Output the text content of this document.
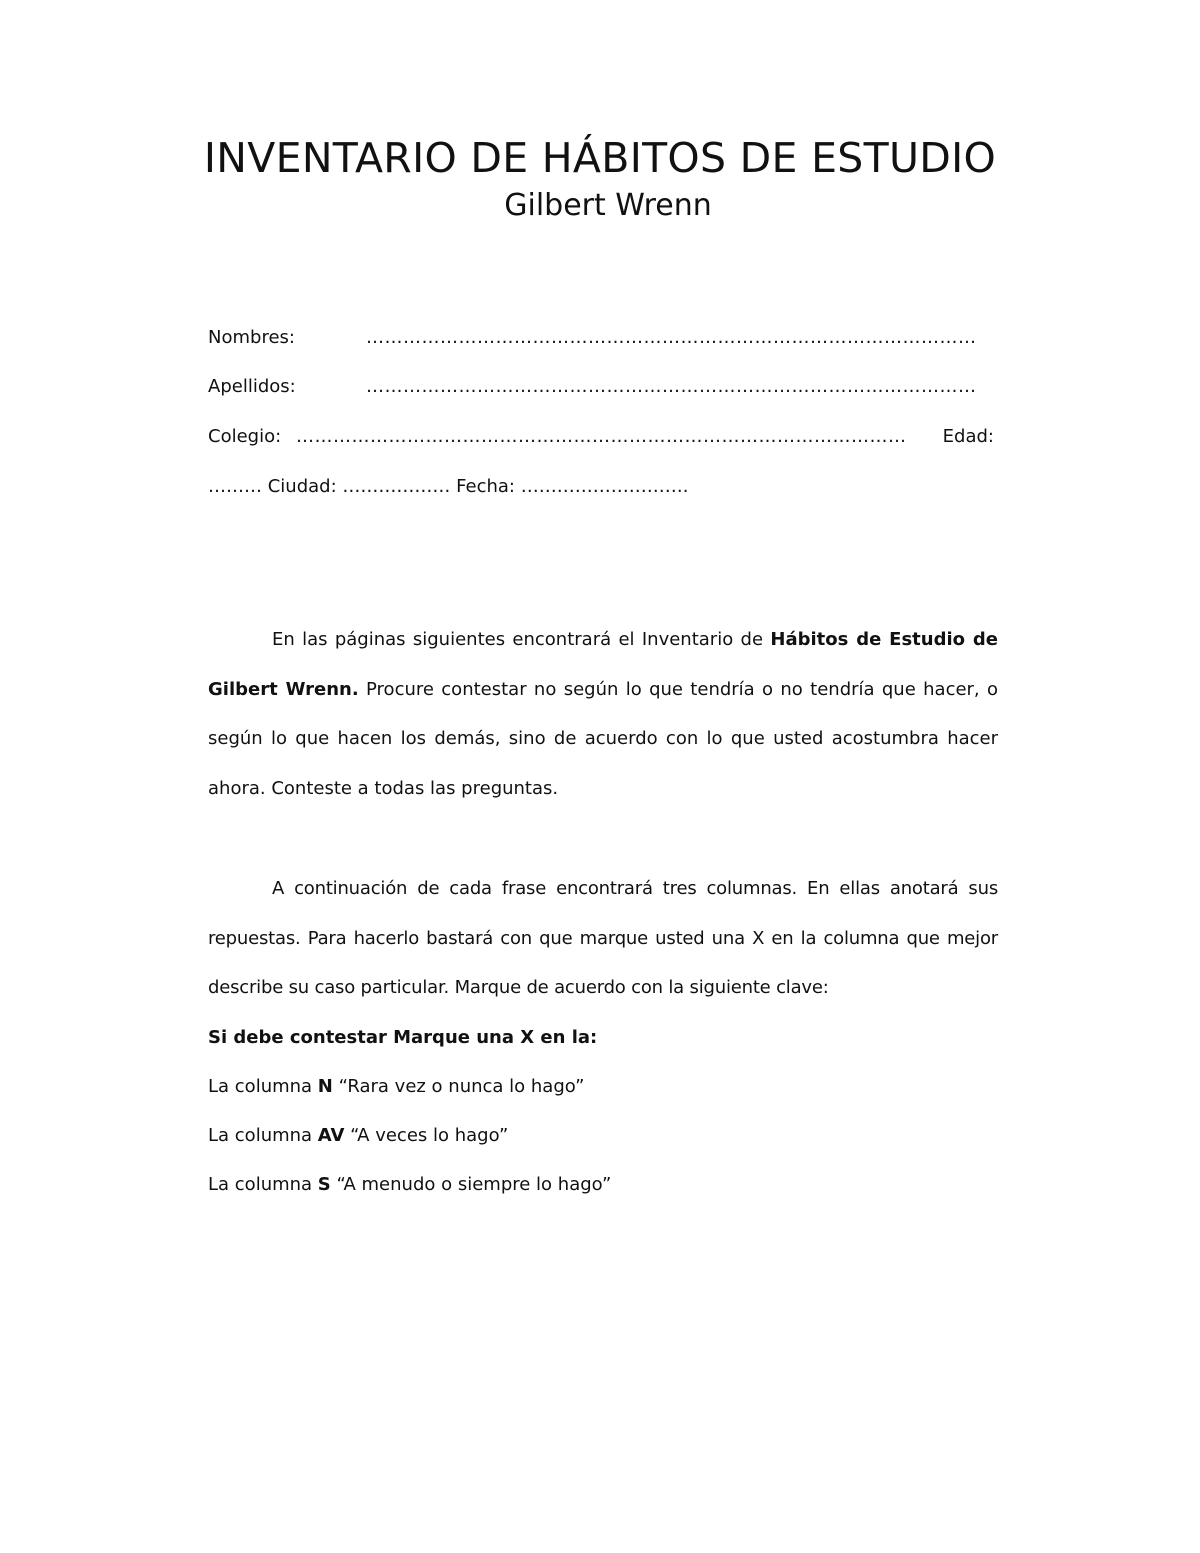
INVENTARIO DE HÁBITOS DE ESTUDIO
Gilbert Wrenn
Nombres:	………………………………………………………………………………………
Apellidos:	………………………………………………………………………………………
Colegio: ………………………………………………………………………………………	Edad:
……… Ciudad: ……………… Fecha: ……………………….

En las páginas siguientes encontrará el Inventario de Hábitos de Estudio de Gilbert Wrenn. Procure contestar no según lo que tendría o no tendría que hacer, o según lo que hacen los demás, sino de acuerdo con lo que usted acostumbra hacer ahora. Conteste a todas las preguntas.

A continuación de cada frase encontrará tres columnas. En ellas anotará sus repuestas. Para hacerlo bastará con que marque usted una X en la columna que mejor describe su caso particular. Marque de acuerdo con la siguiente clave:

Si debe contestar Marque una X en la:

La columna N “Rara vez o nunca lo hago”

La columna AV “A veces lo hago”

La columna S “A menudo o siempre lo hago”
